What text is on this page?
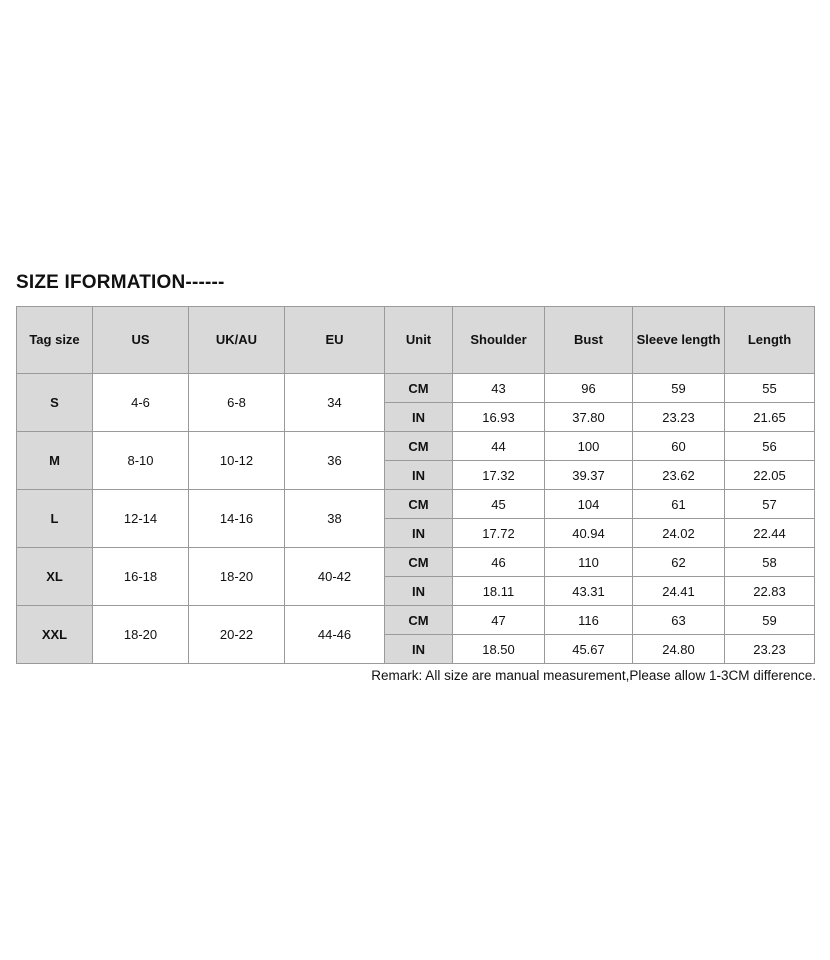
SIZE IFORMATION------
Tag size	US	UK/AU	EU	Unit	Shoulder	Bust	Sleeve length	Length
S	4-6	6-8	34	CM	43	96	59	55
				IN	16.93	37.80	23.23	21.65
M	8-10	10-12	36	CM	44	100	60	56
				IN	17.32	39.37	23.62	22.05
L	12-14	14-16	38	CM	45	104	61	57
				IN	17.72	40.94	24.02	22.44
XL	16-18	18-20	40-42	CM	46	110	62	58
				IN	18.11	43.31	24.41	22.83
XXL	18-20	20-22	44-46	CM	47	116	63	59
				IN	18.50	45.67	24.80	23.23
Remark: All size are manual measurement,Please allow 1-3CM difference.
